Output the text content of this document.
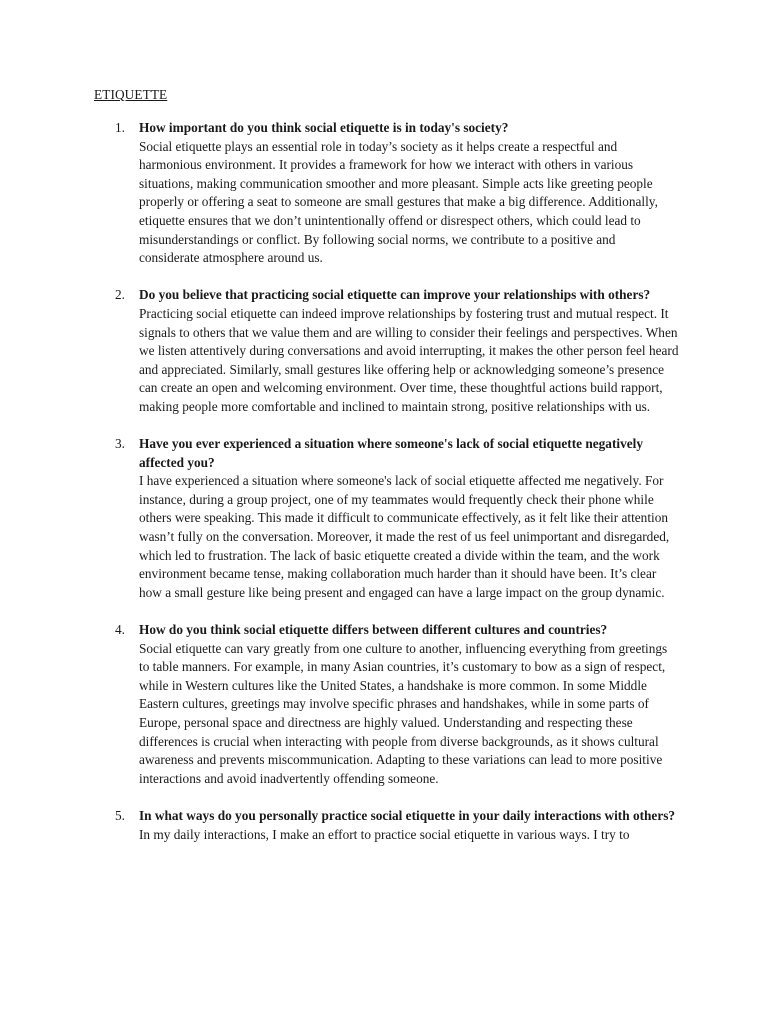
ETIQUETTE
1. How important do you think social etiquette is in today's society?
Social etiquette plays an essential role in today’s society as it helps create a respectful and harmonious environment. It provides a framework for how we interact with others in various situations, making communication smoother and more pleasant. Simple acts like greeting people properly or offering a seat to someone are small gestures that make a big difference. Additionally, etiquette ensures that we don’t unintentionally offend or disrespect others, which could lead to misunderstandings or conflict. By following social norms, we contribute to a positive and considerate atmosphere around us.
2. Do you believe that practicing social etiquette can improve your relationships with others?
Practicing social etiquette can indeed improve relationships by fostering trust and mutual respect. It signals to others that we value them and are willing to consider their feelings and perspectives. When we listen attentively during conversations and avoid interrupting, it makes the other person feel heard and appreciated. Similarly, small gestures like offering help or acknowledging someone’s presence can create an open and welcoming environment. Over time, these thoughtful actions build rapport, making people more comfortable and inclined to maintain strong, positive relationships with us.
3. Have you ever experienced a situation where someone's lack of social etiquette negatively affected you?
I have experienced a situation where someone's lack of social etiquette affected me negatively. For instance, during a group project, one of my teammates would frequently check their phone while others were speaking. This made it difficult to communicate effectively, as it felt like their attention wasn’t fully on the conversation. Moreover, it made the rest of us feel unimportant and disregarded, which led to frustration. The lack of basic etiquette created a divide within the team, and the work environment became tense, making collaboration much harder than it should have been. It’s clear how a small gesture like being present and engaged can have a large impact on the group dynamic.
4. How do you think social etiquette differs between different cultures and countries?
Social etiquette can vary greatly from one culture to another, influencing everything from greetings to table manners. For example, in many Asian countries, it’s customary to bow as a sign of respect, while in Western cultures like the United States, a handshake is more common. In some Middle Eastern cultures, greetings may involve specific phrases and handshakes, while in some parts of Europe, personal space and directness are highly valued. Understanding and respecting these differences is crucial when interacting with people from diverse backgrounds, as it shows cultural awareness and prevents miscommunication. Adapting to these variations can lead to more positive interactions and avoid inadvertently offending someone.
5. In what ways do you personally practice social etiquette in your daily interactions with others?
In my daily interactions, I make an effort to practice social etiquette in various ways. I try to
